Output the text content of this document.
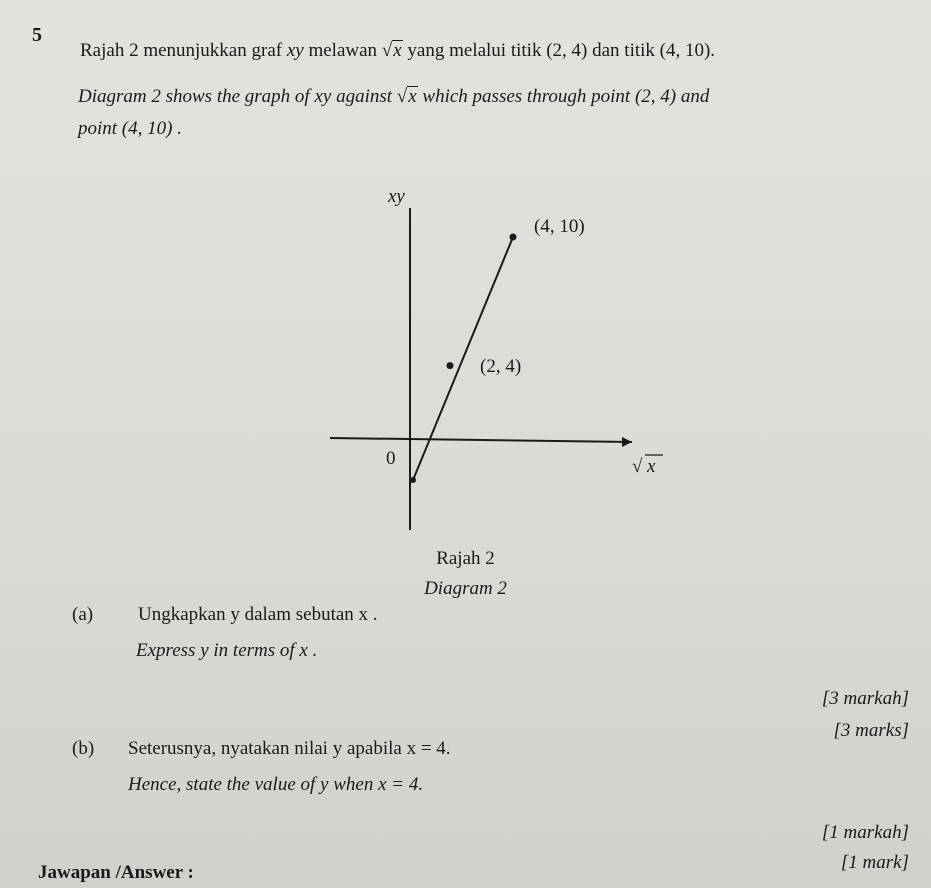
5
Rajah 2 menunjukkan graf xy melawan √x yang melalui titik (2, 4) dan titik (4, 10).
Diagram 2 shows the graph of xy against √x which passes through point (2, 4) and
point (4, 10) .
xy
√ x
0
(4, 10)
(2, 4)
Rajah 2
Diagram 2
(a) Ungkapkan y dalam sebutan x .
Express y in terms of x .
[3 markah]
[3 marks]
(b) Seterusnya, nyatakan nilai y apabila x = 4.
Hence, state the value of y when x = 4.
[1 markah]
[1 mark]
Jawapan /Answer :
